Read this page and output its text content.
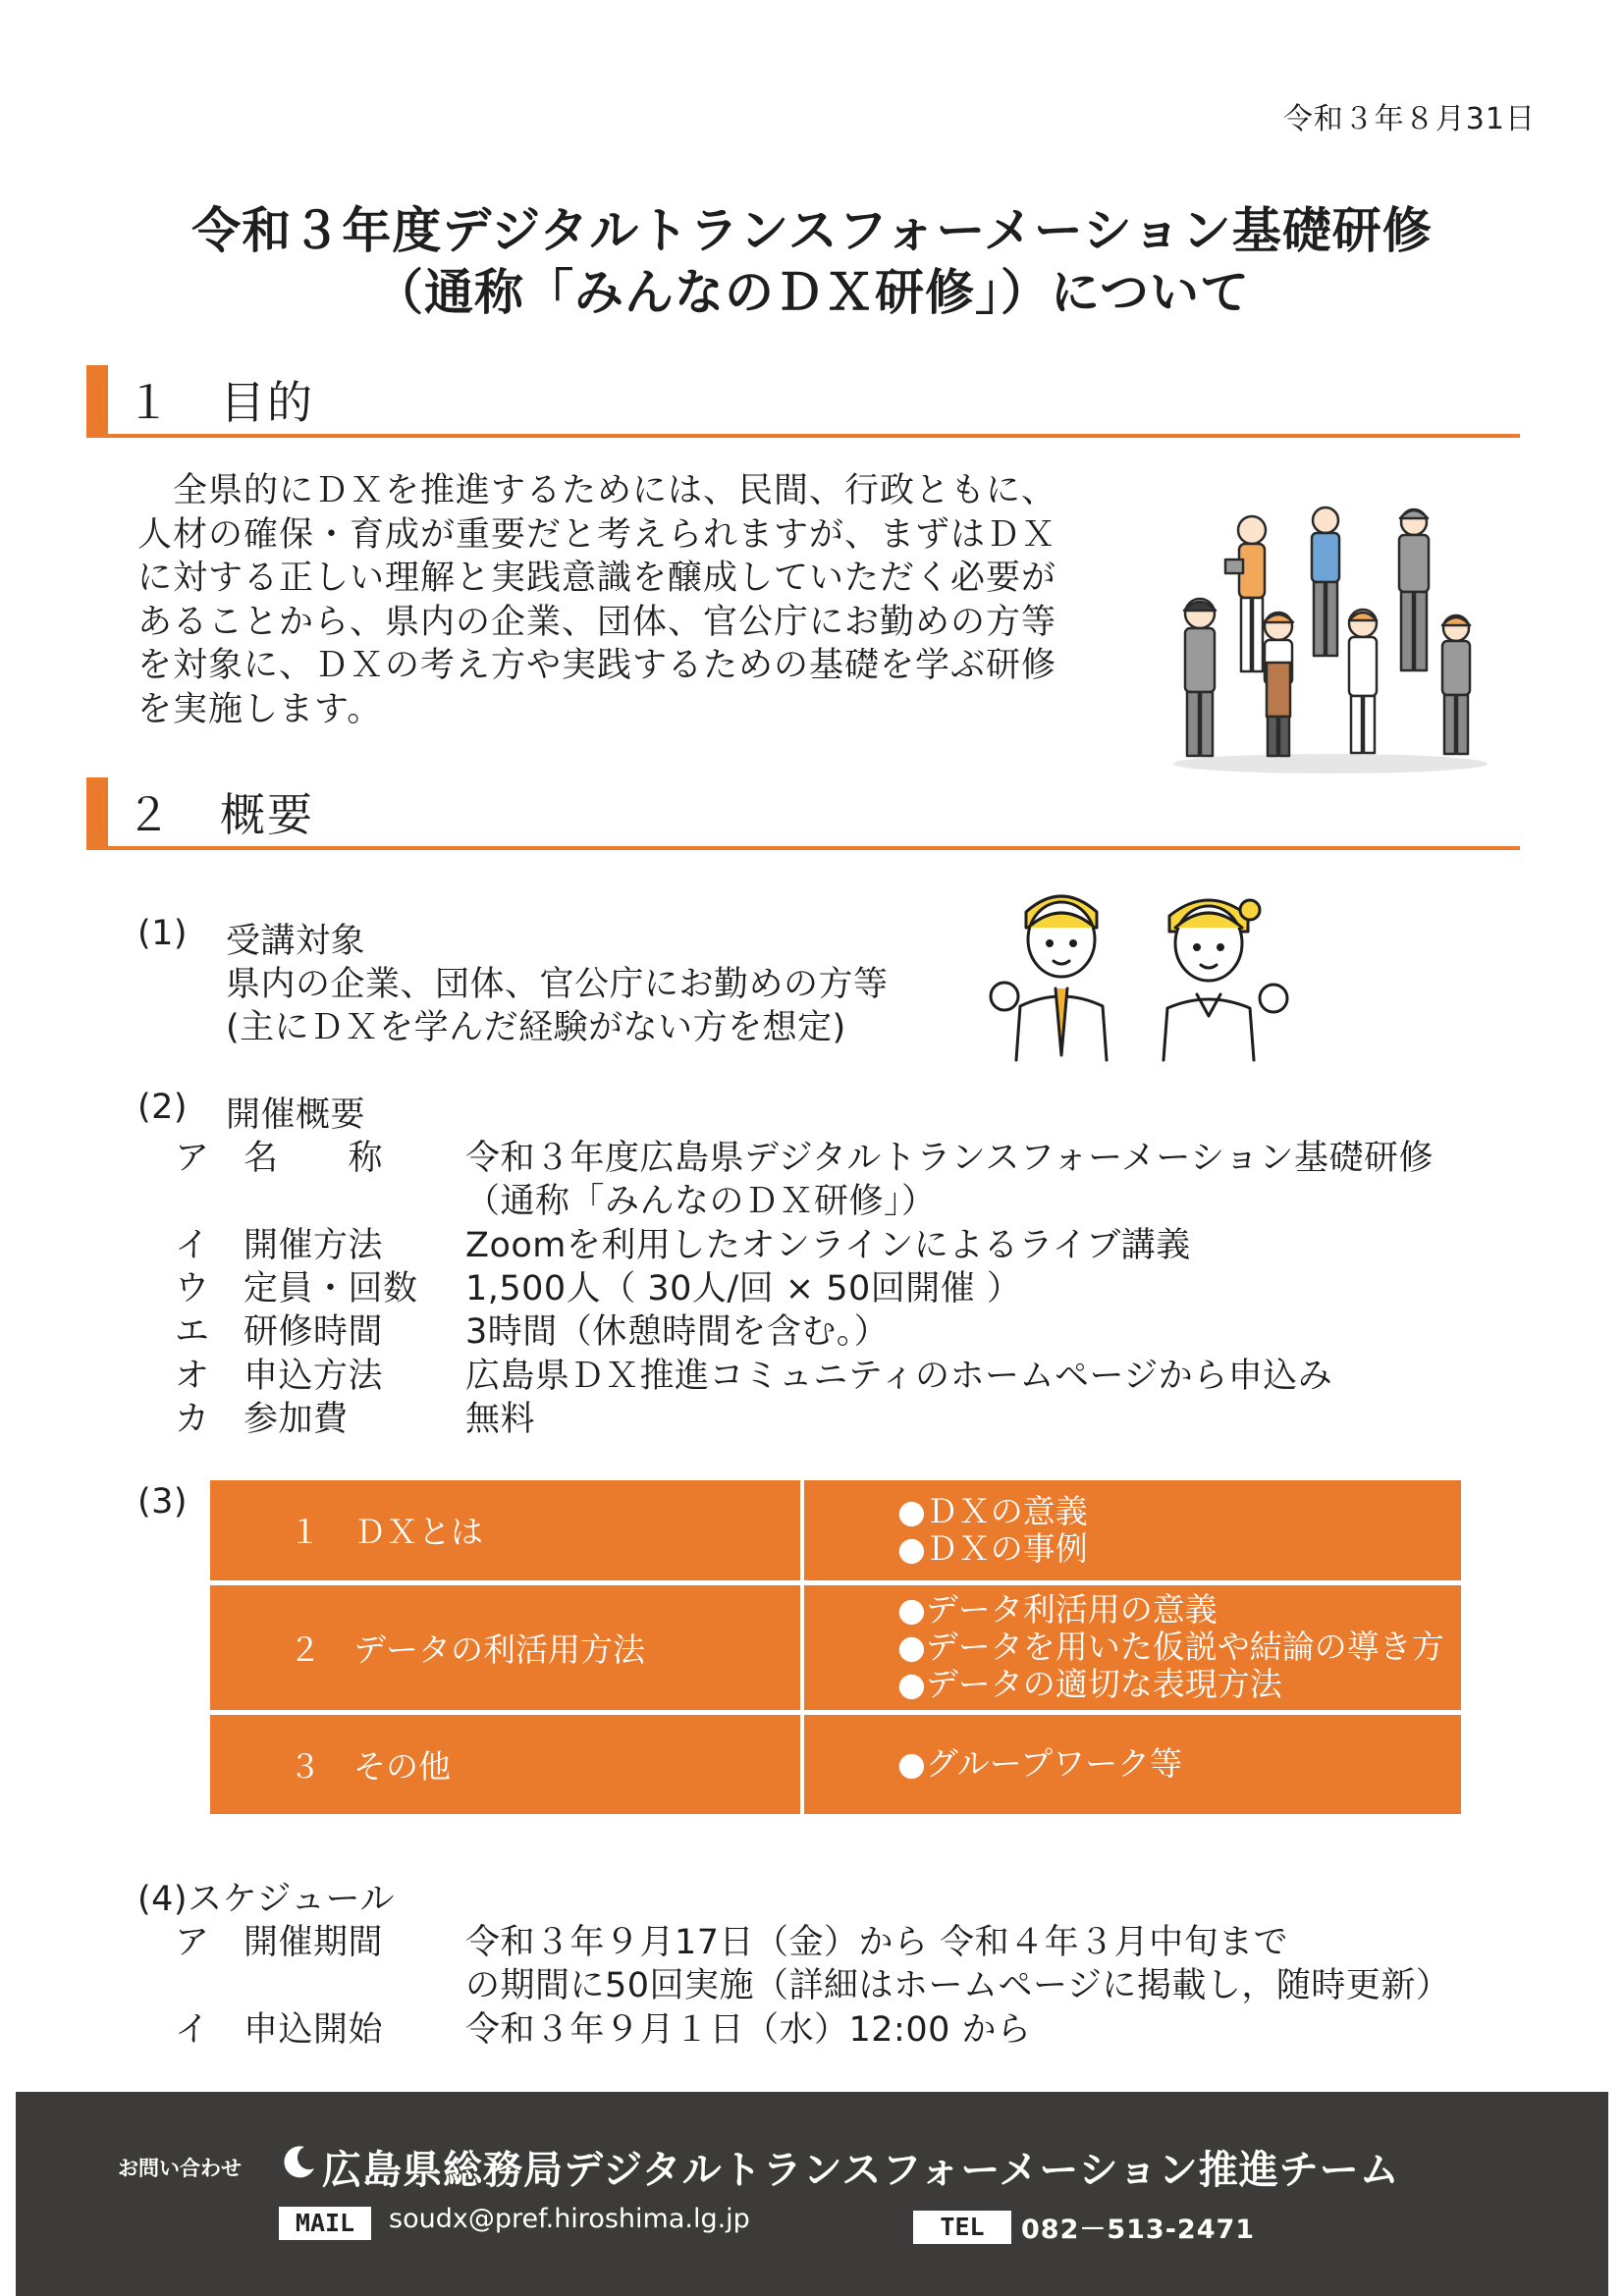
令和３年８月31日
令和３年度デジタルトランスフォーメーション基礎研修
（通称「みんなのＤＸ研修」）について
１　目的
　全県的にＤＸを推進するためには、民間、行政ともに、
人材の確保・育成が重要だと考えられますが、まずはＤＸ
に対する正しい理解と実践意識を醸成していただく必要が
あることから、県内の企業、団体、官公庁にお勤めの方等
を対象に、ＤＸの考え方や実践するための基礎を学ぶ研修
を実施します。
２　概要
(1) 受講対象
県内の企業、団体、官公庁にお勤めの方等
(主にＤＸを学んだ経験がない方を想定)
(2) 開催概要
ア 名　　称 令和３年度広島県デジタルトランスフォーメーション基礎研修
（通称「みんなのＤＸ研修」）
イ 開催方法 Zoomを利用したオンラインによるライブ講義
ウ 定員・回数 1,500人（ 30人/回 × 50回開催 ）
エ 研修時間 3時間（休憩時間を含む。）
オ 申込方法 広島県ＤＸ推進コミュニティのホームページから申込み
カ 参加費	無料
(3)
１　ＤＸとは	●ＤＸの意義
●ＤＸの事例

２　データの利活用方法	●データ利活用の意義
●データを用いた仮説や結論の導き方
●データの適切な表現方法

３　その他	●グループワーク等
(4)スケジュール
ア 開催期間 令和３年９月17日（金）から 令和４年３月中旬まで
の期間に50回実施（詳細はホームページに掲載し，随時更新）
イ 申込開始 令和３年９月１日（水）12:00 から
お問い合わせ 広島県総務局デジタルトランスフォーメーション推進チーム
MAIL	soudx@pref.hiroshima.lg.jp	TEL	082－513-2471
